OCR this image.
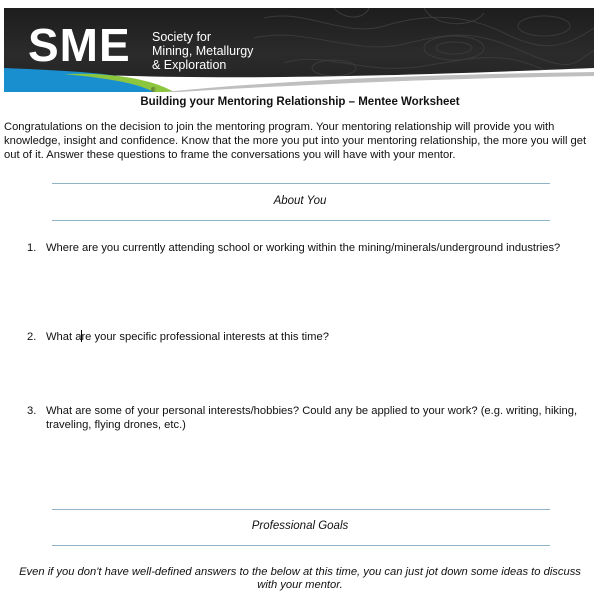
SME Society for
Mining, Metallurgy
& Exploration
®
Building your Mentoring Relationship – Mentee Worksheet
Congratulations on the decision to join the mentoring program. Your mentoring relationship will provide you with knowledge, insight and confidence. Know that the more you put into your mentoring relationship, the more you will get out of it. Answer these questions to frame the conversations you will have with your mentor.
About You
1. Where are you currently attending school or working within the mining/minerals/underground industries?
2. What are your specific professional interests at this time?
3. What are some of your personal interests/hobbies? Could any be applied to your work? (e.g. writing, hiking, traveling, flying drones, etc.)
Professional Goals
Even if you don't have well-defined answers to the below at this time, you can just jot down some ideas to discuss with your mentor.
